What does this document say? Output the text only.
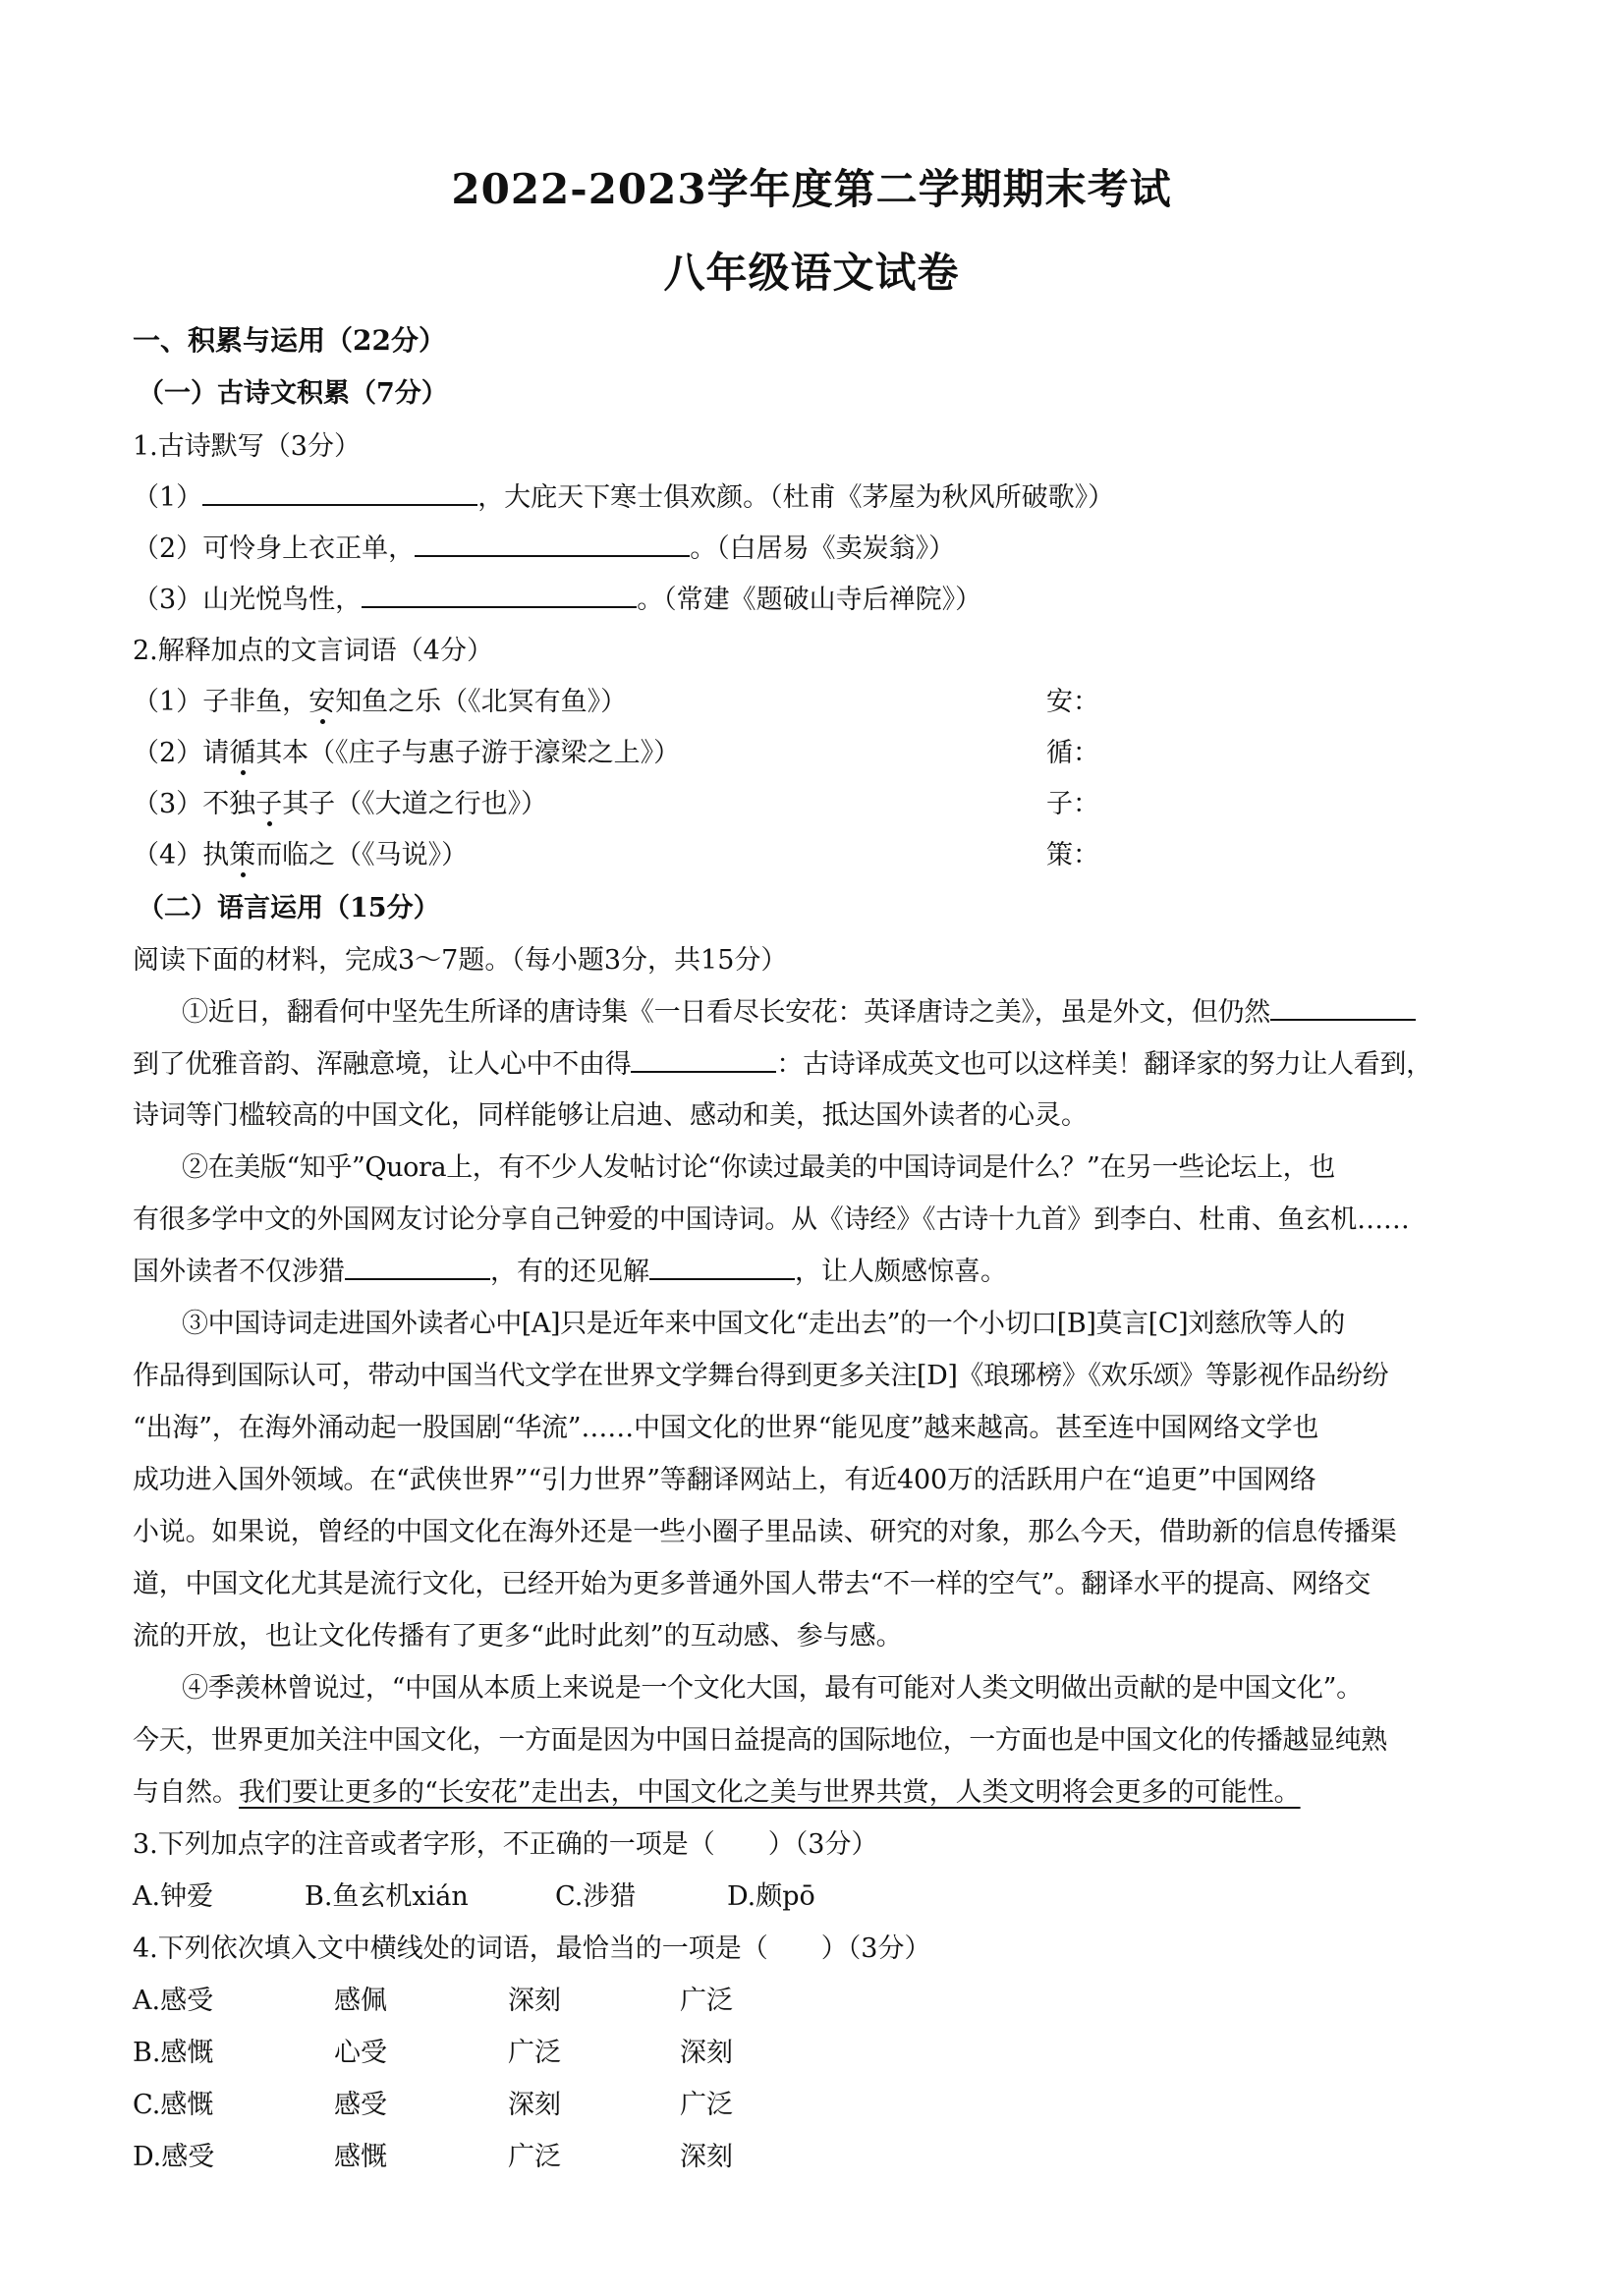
2022-2023学年度第二学期期末考试
八年级语文试卷
一、积累与运用（22分）
（一）古诗文积累（7分）
1.古诗默写（3分）
（1）	，大庇天下寒士俱欢颜。（杜甫《茅屋为秋风所破歌》）
（2）可怜身上衣正单，	。（白居易《卖炭翁》）
（3）山光悦鸟性，	。（常建《题破山寺后禅院》）
2.解释加点的文言词语（4分）
（1）子非鱼，安知鱼之乐（《北冥有鱼》）	安：
（2）请循其本（《庄子与惠子游于濠梁之上》）	循：
（3）不独子其子（《大道之行也》）	子：
（4）执策而临之（《马说》）	策：
（二）语言运用（15分）
阅读下面的材料，完成3～7题。（每小题3分，共15分）
①近日，翻看何中坚先生所译的唐诗集《一日看尽长安花：英译唐诗之美》，虽是外文，但仍然
到了优雅音韵、浑融意境，让人心中不由得	：古诗译成英文也可以这样美！翻译家的努力让人看到，
诗词等门槛较高的中国文化，同样能够让启迪、感动和美，抵达国外读者的心灵。
②在美版“知乎”Quora上，有不少人发帖讨论“你读过最美的中国诗词是什么？”在另一些论坛上，也
有很多学中文的外国网友讨论分享自己钟爱的中国诗词。从《诗经》《古诗十九首》到李白、杜甫、鱼玄机……
国外读者不仅涉猎	，有的还见解	，让人颇感惊喜。
③中国诗词走进国外读者心中[A]只是近年来中国文化“走出去”的一个小切口[B]莫言[C]刘慈欣等人的
作品得到国际认可，带动中国当代文学在世界文学舞台得到更多关注[D]《琅琊榜》《欢乐颂》等影视作品纷纷
“出海”，在海外涌动起一股国剧“华流”……中国文化的世界“能见度”越来越高。甚至连中国网络文学也
成功进入国外领域。在“武侠世界”“引力世界”等翻译网站上，有近400万的活跃用户在“追更”中国网络
小说。如果说，曾经的中国文化在海外还是一些小圈子里品读、研究的对象，那么今天，借助新的信息传播渠
道，中国文化尤其是流行文化，已经开始为更多普通外国人带去“不一样的空气”。翻译水平的提高、网络交
流的开放，也让文化传播有了更多“此时此刻”的互动感、参与感。
④季羡林曾说过，“中国从本质上来说是一个文化大国，最有可能对人类文明做出贡献的是中国文化”。
今天，世界更加关注中国文化，一方面是因为中国日益提高的国际地位，一方面也是中国文化的传播越显纯熟
与自然。我们要让更多的“长安花”走出去，中国文化之美与世界共赏，人类文明将会更多的可能性。
3.下列加点字的注音或者字形，不正确的一项是（　　）（3分）
A.钟爱	B.鱼玄机xián	C.涉猎	D.颇pō
4.下列依次填入文中横线处的词语，最恰当的一项是（　　）（3分）
A.感受	感佩	深刻	广泛
B.感慨	心受	广泛	深刻
C.感慨	感受	深刻	广泛
D.感受	感慨	广泛	深刻
